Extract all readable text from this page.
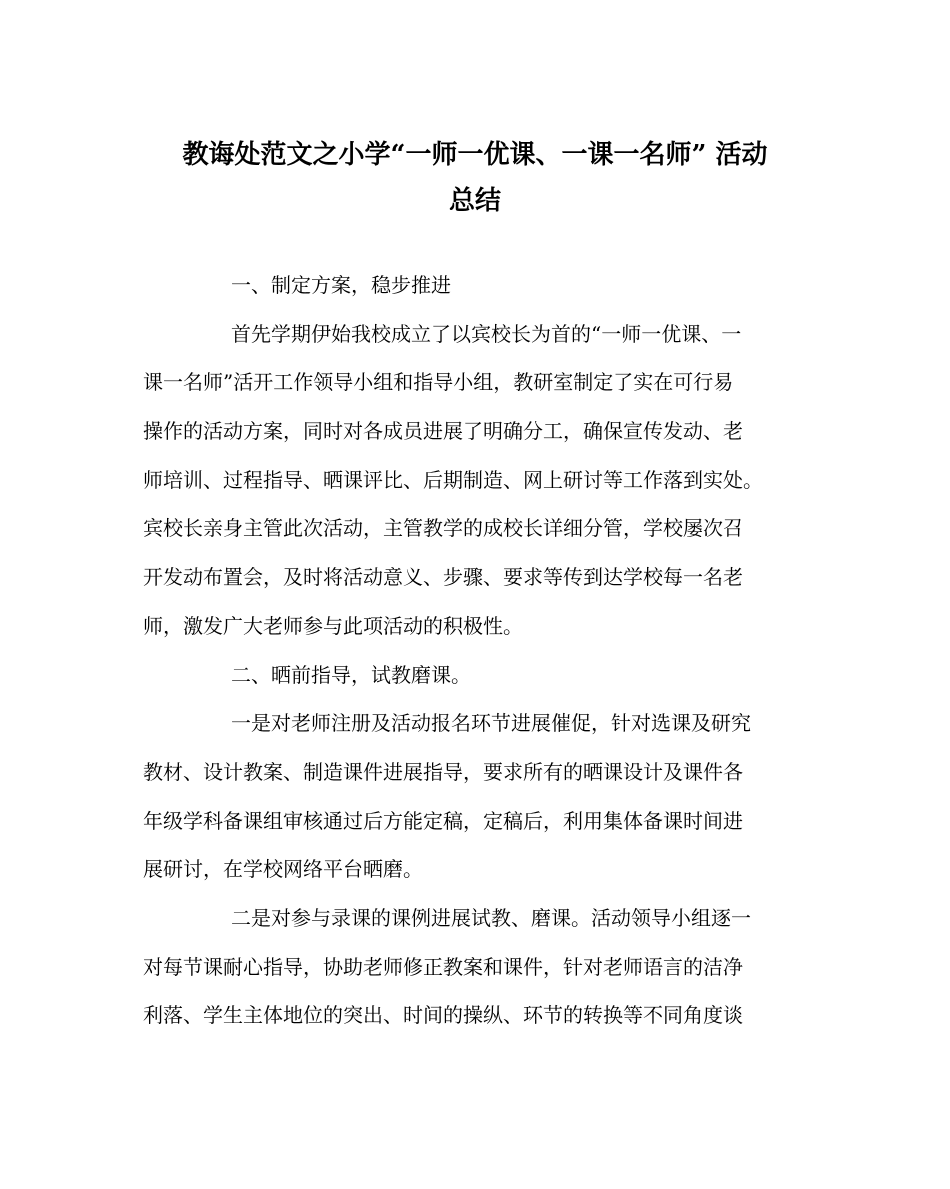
教诲处范文之小学“一师一优课、一课一名师” 活动
总结

一、制定方案，稳步推进

首先学期伊始我校成立了以宾校长为首的“一师一优课、一
课一名师”活开工作领导小组和指导小组，教研室制定了实在可行易
操作的活动方案，同时对各成员进展了明确分工，确保宣传发动、老
师培训、过程指导、晒课评比、后期制造、网上研讨等工作落到实处。
宾校长亲身主管此次活动，主管教学的成校长详细分管，学校屡次召
开发动布置会，及时将活动意义、步骤、要求等传到达学校每一名老
师，激发广大老师参与此项活动的积极性。

二、晒前指导，试教磨课。

一是对老师注册及活动报名环节进展催促，针对选课及研究
教材、设计教案、制造课件进展指导，要求所有的晒课设计及课件各
年级学科备课组审核通过后方能定稿，定稿后，利用集体备课时间进
展研讨，在学校网络平台晒磨。

二是对参与录课的课例进展试教、磨课。活动领导小组逐一
对每节课耐心指导，协助老师修正教案和课件，针对老师语言的洁净
利落、学生主体地位的突出、时间的操纵、环节的转换等不同角度谈
